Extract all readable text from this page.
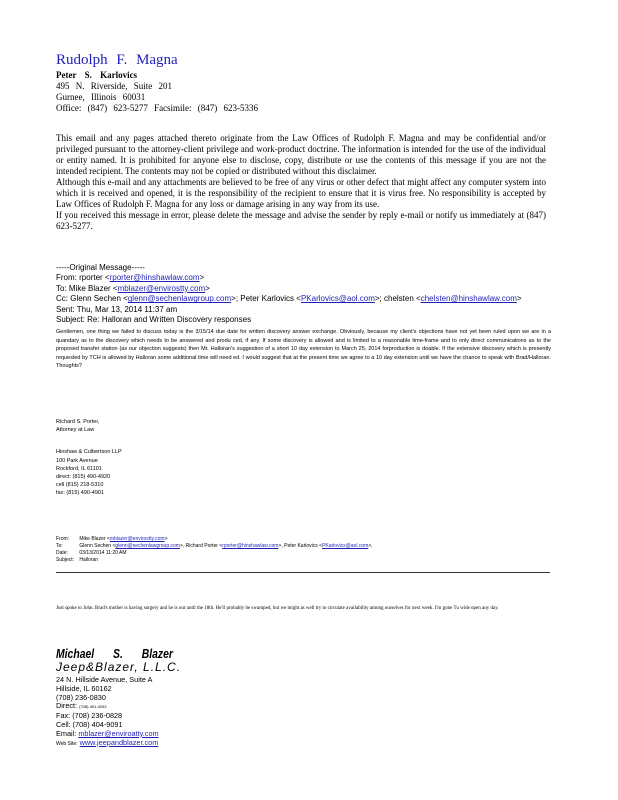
Rudolph F. Magna
Peter S. Karlovics
495 N. Riverside, Suite 201
Gurnee, Illinois 60031
Office: (847) 623-5277 Facsimile: (847) 623-5336

This email and any pages attached thereto originate from the Law Offices of Rudolph F. Magna and may be confidential and/or privileged pursuant to the attorney-client privilege and work-product doctrine. The information is intended for the use of the individual or entity named. It is prohibited for anyone else to disclose, copy, distribute or use the contents of this message if you are not the intended recipient. The contents may not be copied or distributed without this disclaimer.

Although this e-mail and any attachments are believed to be free of any virus or other defect that might affect any computer system into which it is received and opened, it is the responsibility of the recipient to ensure that it is virus free. No responsibility is accepted by Law Offices of Rudolph F. Magna for any loss or damage arising in any way from its use.

If you received this message in error, please delete the message and advise the sender by reply e-mail or notify us immediately at (847) 623-5277.

-----Original Message-----
From: rporter <rporter@hinshawlaw.com>
To: Mike Blazer <mblazer@envirostty.com>
Cc: Glenn Sechen <glenn@sechenlawgroup.com>; Peter Karlovics <PKarlovics@aol.com>; chelsten <chelsten@hinshawlaw.com>
Sent: Thu, Mar 13, 2014 11:37 am
Subject: Re: Halloran and Written Discovery responses
Gentlemen, one thing we failed to discuss today is the 3/15/14 due date for written discovery answer exchange. Obviously, because my client's objections have not yet been ruled upon we are in a quandary as to the discovery which needs to be answered and produ ced, if any. If some discovery is allowed and is limited to a reasonable time-frame and to only direct communications as to the proposed transfer station (as our objection suggests) then Mr. Halloran's suggestion of a short 10 day extension to March 25, 2014 forproduction is doable. If the extensive discovery which is presently requested by TCH is allowed by Halloran some additional time will need ed. I would suggest that at the present time we agree to a 10 day extension until we have the chance to speak with Brad/Halloran. Thoughts?
Richard S. Porter,
Attorney at Law
Hinshaw & Culbertson LLP
100 Park Avenue
Rockford, IL 61101
direct: (815) 490-4920
cell (815) 218-5310
fax: (815) 490-4901
From: Mike Blazer <mblazer@envirostty.com>
To:	Glenn Sechen <glenn@sechenlawgroup.com>, Richard Porter <rporter@hinshawlaw.com>, Peter Karlovics <PKarlovics@aol.com>,
Date: 03/13/2014 11:20 AM
Subject: Halloran
Just spoke to John. Brad's mother is having surgery and he is out until the 18th. He'll probably be swamped, but we might as well try to circulate availability among ourselves for next week. I'm gone Tu wide open any day.
Michael S. Blazer
Jeep&Blazer, L.L.C.
24 N. Hillside Avenue, Suite A
Hillside, IL 60162
(708) 236-0830
Direct: (708) 491-0033
Fax: (708) 236-0828
Cell: (708) 404-9091
Email: mblazer@enviroatty.com
Web Site: www.jeepandblazer.com
